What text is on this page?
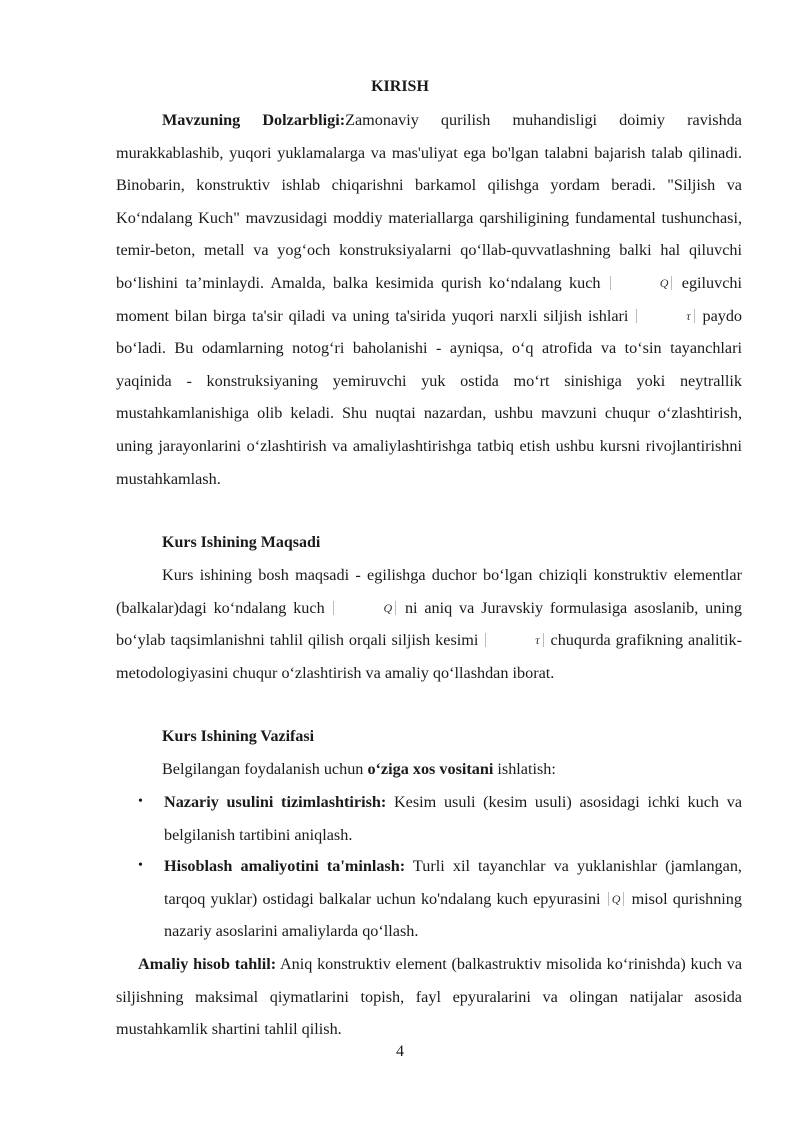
KIRISH
Mavzuning Dolzarbligi:Zamonaviy qurilish muhandisligi doimiy ravishda murakkablashib, yuqori yuklamalarga va mas'uliyat ega bo'lgan talabni bajarish talab qilinadi. Binobarin, konstruktiv ishlab chiqarishni barkamol qilishga yordam beradi. "Siljish va Koʻndalang Kuch" mavzusidagi moddiy materiallarga qarshiligining fundamental tushunchasi, temir-beton, metall va yogʻoch konstruksiyalarni qoʻllab-quvvatlashning balki hal qiluvchi boʻlishini taʼminlaydi. Amalda, balka kesimida qurish koʻndalang kuch	Q egiluvchi moment bilan birga ta'sir qiladi va uning ta'sirida yuqori narxli siljish ishlari	τ paydo boʻladi. Bu odamlarning notogʻri baholanishi - ayniqsa, oʻq atrofida va toʻsin tayanchlari yaqinida - konstruksiyaning yemiruvchi yuk ostida moʻrt sinishiga yoki neytrallik mustahkamlanishiga olib keladi. Shu nuqtai nazardan, ushbu mavzuni chuqur oʻzlashtirish, uning jarayonlarini oʻzlashtirish va amaliylashtirishga tatbiq etish ushbu kursni rivojlantirishni mustahkamlash.
Kurs Ishining Maqsadi
Kurs ishining bosh maqsadi - egilishga duchor boʻlgan chiziqli konstruktiv elementlar (balkalar)dagi koʻndalang kuch	Q ni aniq va Juravskiy formulasiga asoslanib, uning boʻylab taqsimlanishni tahlil qilish orqali siljish kesimi	τ chuqurda grafikning analitik-metodologiyasini chuqur oʻzlashtirish va amaliy qoʻllashdan iborat.
Kurs Ishining Vazifasi
Belgilangan foydalanish uchun oʻziga xos vositani ishlatish:
• Nazariy usulini tizimlashtirish: Kesim usuli (kesim usuli) asosidagi ichki kuch va belgilanish tartibini aniqlash.
• Hisoblash amaliyotini ta'minlash: Turli xil tayanchlar va yuklanishlar (jamlangan, tarqoq yuklar) ostidagi balkalar uchun ko'ndalang kuch epyurasini Q misol qurishning nazariy asoslarini amaliylarda qoʻllash.
Amaliy hisob tahlil: Aniq konstruktiv element (balkastruktiv misolida koʻrinishda) kuch va siljishning maksimal qiymatlarini topish, fayl epyuralarini va olingan natijalar asosida mustahkamlik shartini tahlil qilish.
4
